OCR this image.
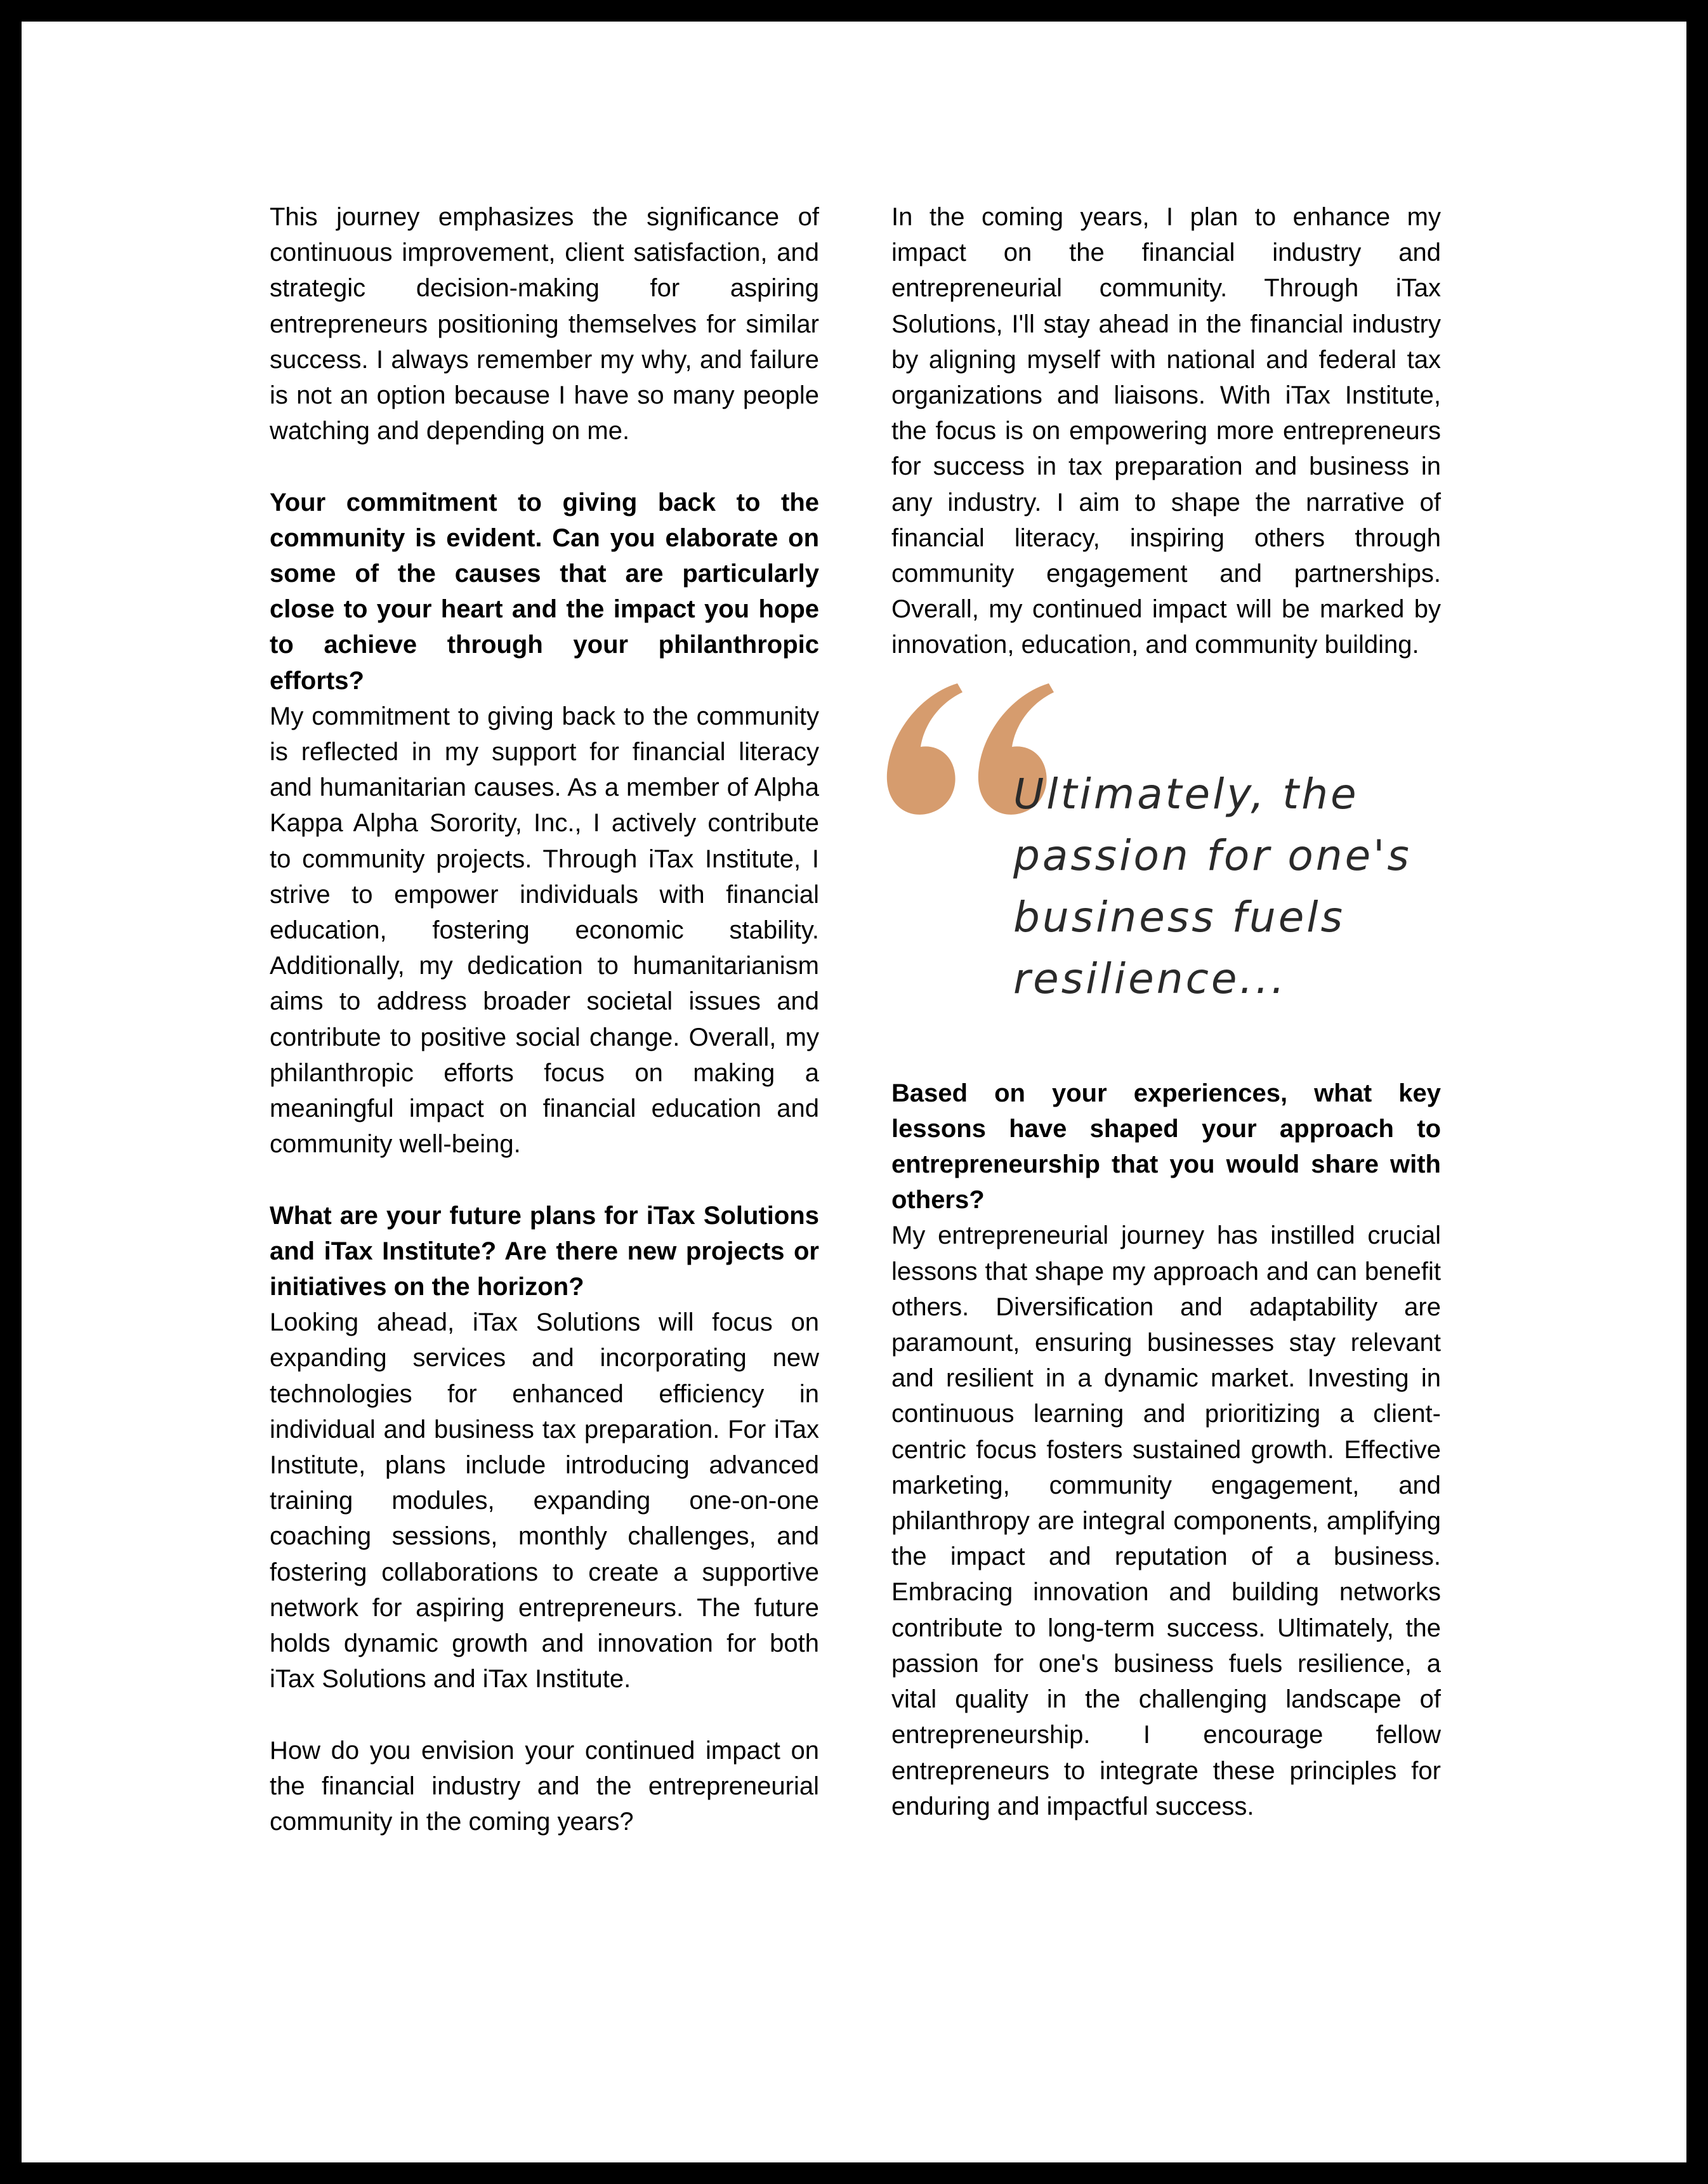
This journey emphasizes the significance of continuous improvement, client satisfaction, and strategic decision-making for aspiring entrepreneurs positioning themselves for similar success. I always remember my why, and failure is not an option because I have so many people watching and depending on me.

Your commitment to giving back to the community is evident. Can you elaborate on some of the causes that are particularly close to your heart and the impact you hope to achieve through your philanthropic efforts?

My commitment to giving back to the community is reflected in my support for financial literacy and humanitarian causes. As a member of Alpha Kappa Alpha Sorority, Inc., I actively contribute to community projects. Through iTax Institute, I strive to empower individuals with financial education, fostering economic stability. Additionally, my dedication to humanitarianism aims to address broader societal issues and contribute to positive social change. Overall, my philanthropic efforts focus on making a meaningful impact on financial education and community well-being.

What are your future plans for iTax Solutions and iTax Institute? Are there new projects or initiatives on the horizon?

Looking ahead, iTax Solutions will focus on expanding services and incorporating new technologies for enhanced efficiency in individual and business tax preparation. For iTax Institute, plans include introducing advanced training modules, expanding one-on-one coaching sessions, monthly challenges, and fostering collaborations to create a supportive network for aspiring entrepreneurs. The future holds dynamic growth and innovation for both iTax Solutions and iTax Institute.

How do you envision your continued impact on the financial industry and the entrepreneurial community in the coming years?

In the coming years, I plan to enhance my impact on the financial industry and entrepreneurial community. Through iTax Solutions, I'll stay ahead in the financial industry by aligning myself with national and federal tax organizations and liaisons. With iTax Institute, the focus is on empowering more entrepreneurs for success in tax preparation and business in any industry. I aim to shape the narrative of financial literacy, inspiring others through community engagement and partnerships. Overall, my continued impact will be marked by innovation, education, and community building.

Ultimately, the passion for one's business fuels resilience...

Based on your experiences, what key lessons have shaped your approach to entrepreneurship that you would share with others?

My entrepreneurial journey has instilled crucial lessons that shape my approach and can benefit others. Diversification and adaptability are paramount, ensuring businesses stay relevant and resilient in a dynamic market. Investing in continuous learning and prioritizing a client-centric focus fosters sustained growth. Effective marketing, community engagement, and philanthropy are integral components, amplifying the impact and reputation of a business. Embracing innovation and building networks contribute to long-term success. Ultimately, the passion for one's business fuels resilience, a vital quality in the challenging landscape of entrepreneurship. I encourage fellow entrepreneurs to integrate these principles for enduring and impactful success.
